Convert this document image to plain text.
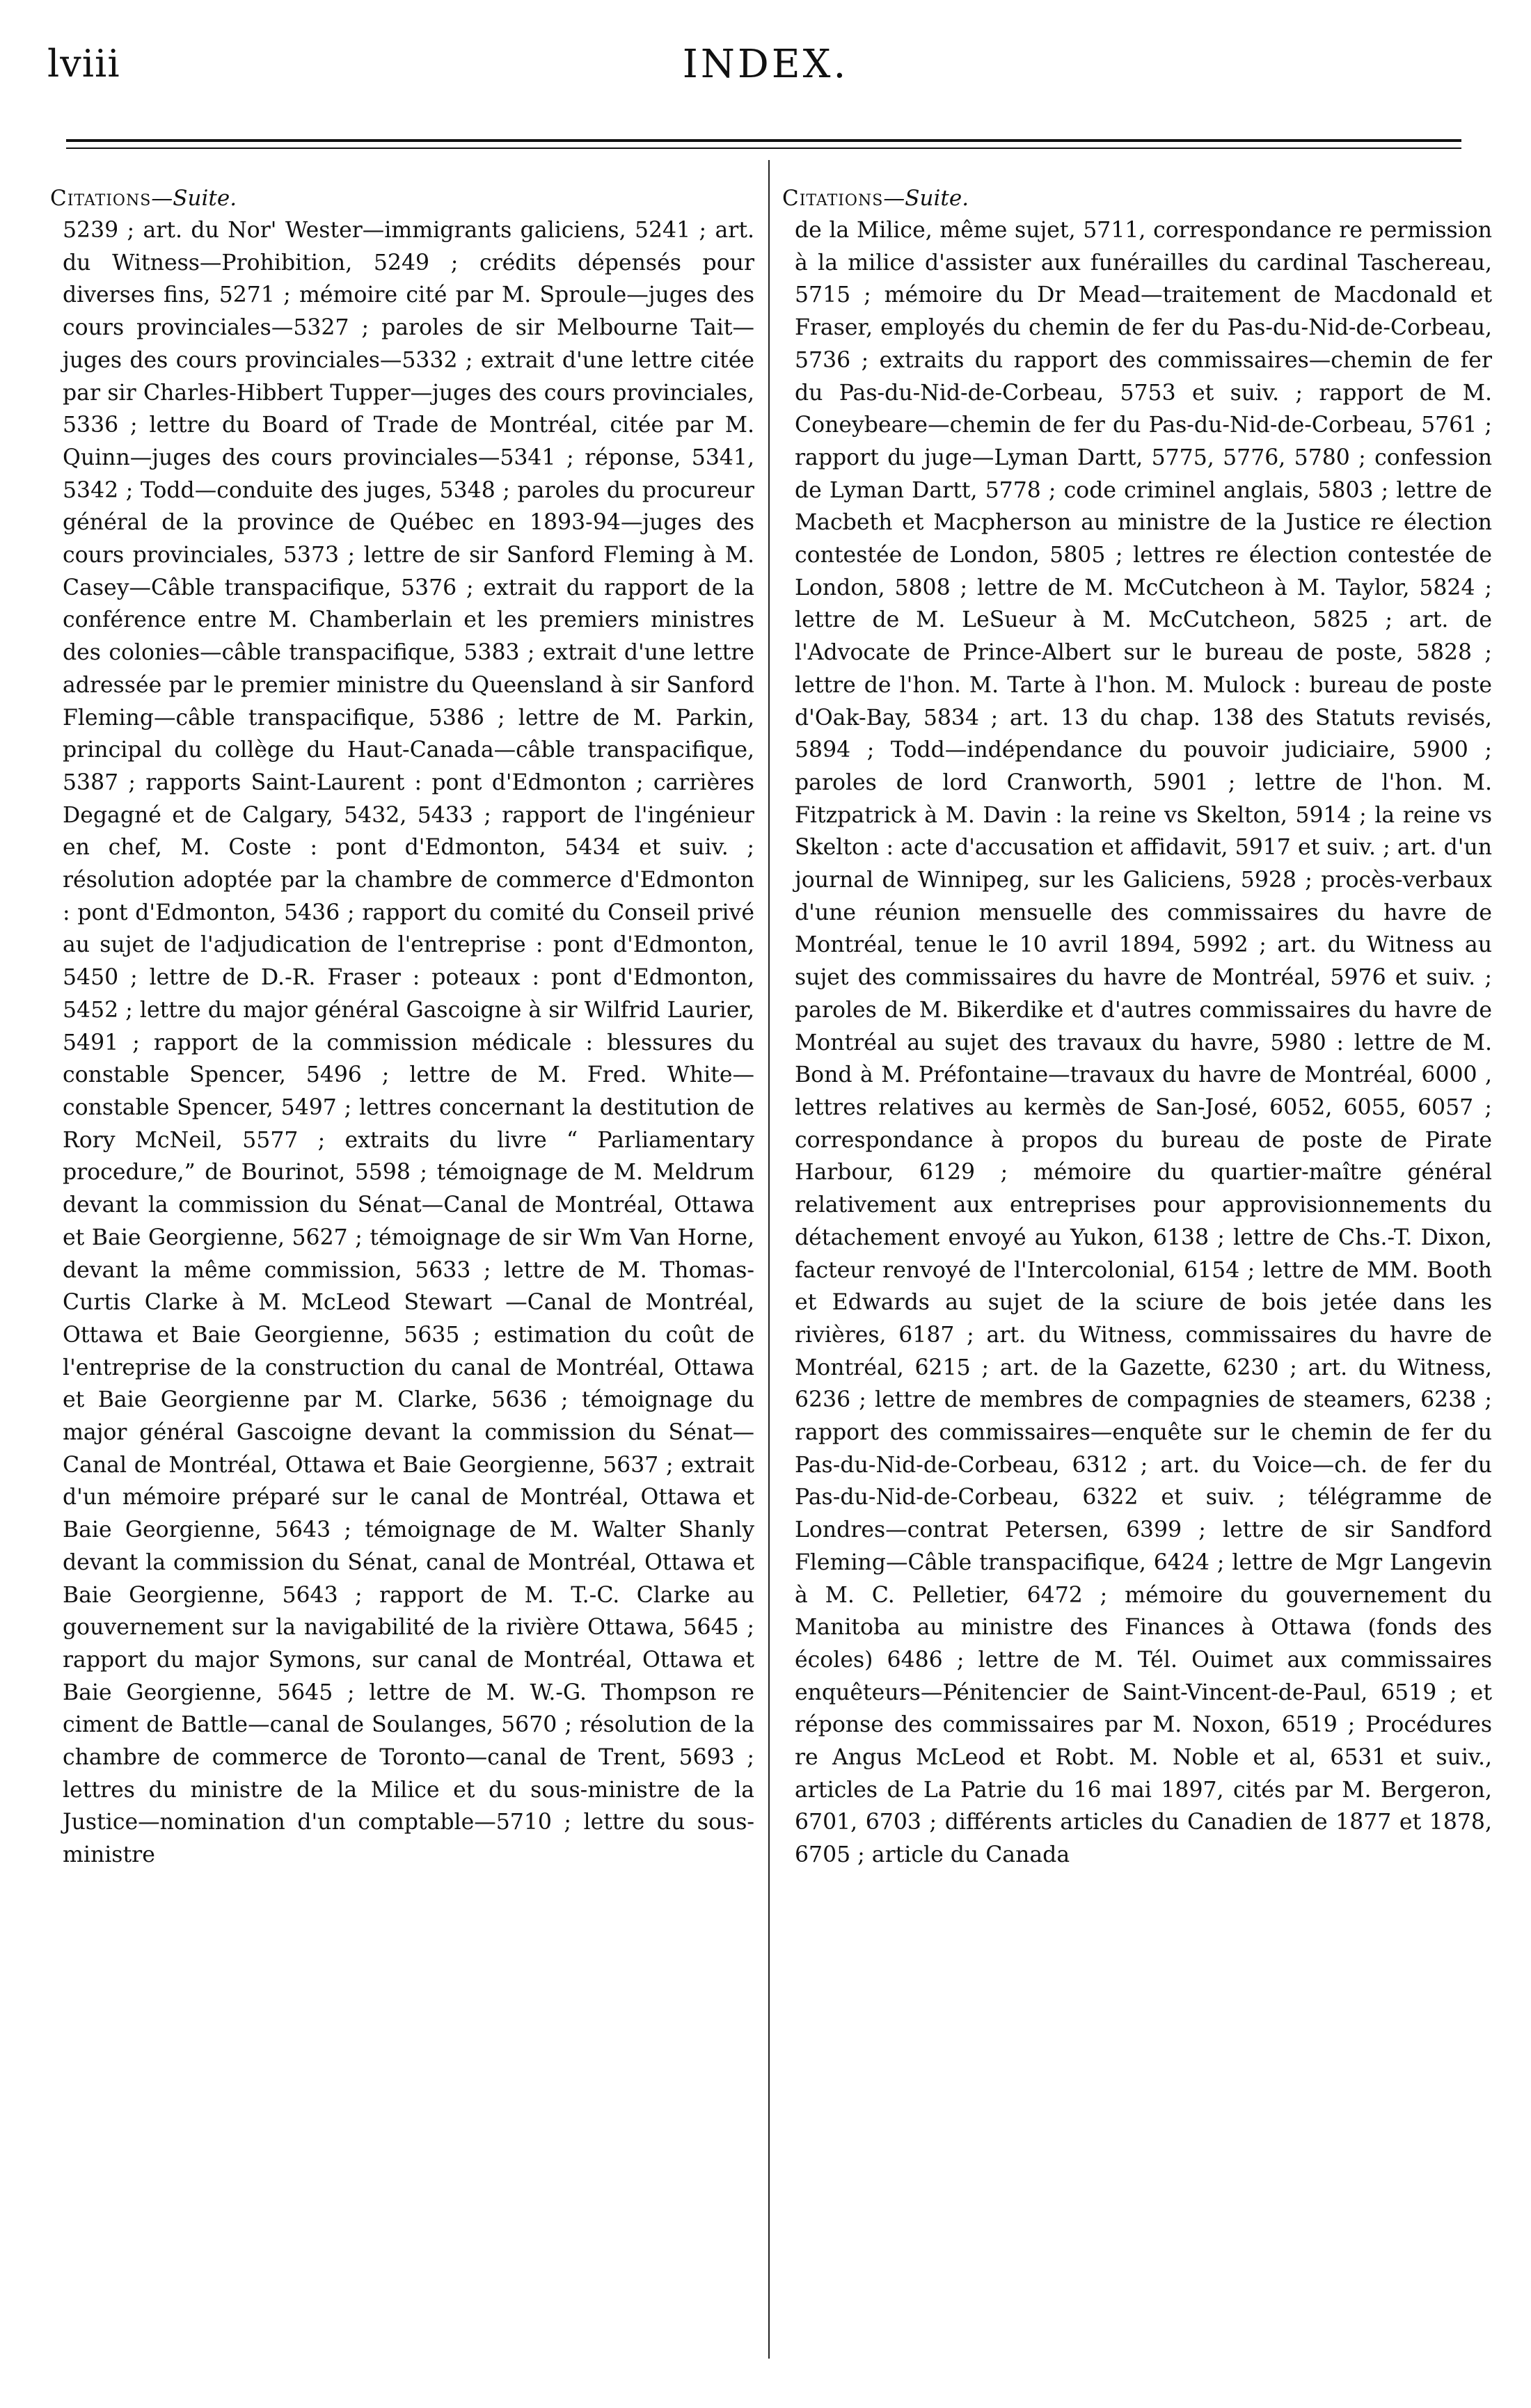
lviii	INDEX.
Citations—Suite.
5239 ; art. du Nor' Wester—immigrants galiciens, 5241 ; art. du Witness—Prohibition, 5249 ; crédits dépensés pour diverses fins, 5271 ; mémoire cité par M. Sproule—juges des cours provinciales—5327 ; paroles de sir Melbourne Tait—juges des cours provinciales—5332 ; extrait d'une lettre citée par sir Charles-Hibbert Tupper—juges des cours provinciales, 5336 ; lettre du Board of Trade de Montréal, citée par M. Quinn—juges des cours provinciales—5341 ; réponse, 5341, 5342 ; Todd—conduite des juges, 5348 ; paroles du procureur général de la province de Québec en 1893-94—juges des cours provinciales, 5373 ; lettre de sir Sanford Fleming à M. Casey—Câble transpacifique, 5376 ; extrait du rapport de la conférence entre M. Chamberlain et les premiers ministres des colonies—câble transpacifique, 5383 ; extrait d'une lettre adressée par le premier ministre du Queensland à sir Sanford Fleming—câble transpacifique, 5386 ; lettre de M. Parkin, principal du collège du Haut-Canada—câble transpacifique, 5387 ; rapports Saint-Laurent : pont d'Edmonton ; carrières Degagné et de Calgary, 5432, 5433 ; rapport de l'ingénieur en chef, M. Coste : pont d'Edmonton, 5434 et suiv. ; résolution adoptée par la chambre de commerce d'Edmonton : pont d'Edmonton, 5436 ; rapport du comité du Conseil privé au sujet de l'adjudication de l'entreprise : pont d'Edmonton, 5450 ; lettre de D.-R. Fraser : poteaux : pont d'Edmonton, 5452 ; lettre du major général Gascoigne à sir Wilfrid Laurier, 5491 ; rapport de la commission médicale : blessures du constable Spencer, 5496 ; lettre de M. Fred. White—constable Spencer, 5497 ; lettres concernant la destitution de Rory McNeil, 5577 ; extraits du livre “ Parliamentary procedure,” de Bourinot, 5598 ; témoignage de M. Meldrum devant la commission du Sénat—Canal de Montréal, Ottawa et Baie Georgienne, 5627 ; témoignage de sir Wm Van Horne, devant la même commission, 5633 ; lettre de M. Thomas-Curtis Clarke à M. McLeod Stewart —Canal de Montréal, Ottawa et Baie Georgienne, 5635 ; estimation du coût de l'entreprise de la construction du canal de Montréal, Ottawa et Baie Georgienne par M. Clarke, 5636 ; témoignage du major général Gascoigne devant la commission du Sénat—Canal de Montréal, Ottawa et Baie Georgienne, 5637 ; extrait d'un mémoire préparé sur le canal de Montréal, Ottawa et Baie Georgienne, 5643 ; témoignage de M. Walter Shanly devant la commission du Sénat, canal de Montréal, Ottawa et Baie Georgienne, 5643 ; rapport de M. T.-C. Clarke au gouvernement sur la navigabilité de la rivière Ottawa, 5645 ; rapport du major Symons, sur canal de Montréal, Ottawa et Baie Georgienne, 5645 ; lettre de M. W.-G. Thompson re ciment de Battle—canal de Soulanges, 5670 ; résolution de la chambre de commerce de Toronto—canal de Trent, 5693 ; lettres du ministre de la Milice et du sous-ministre de la Justice—nomination d'un comptable—5710 ; lettre du sous-ministre
Citations—Suite.
de la Milice, même sujet, 5711, correspondance re permission à la milice d'assister aux funérailles du cardinal Taschereau, 5715 ; mémoire du Dr Mead—traitement de Macdonald et Fraser, employés du chemin de fer du Pas-du-Nid-de-Corbeau, 5736 ; extraits du rapport des commissaires—chemin de fer du Pas-du-Nid-de-Corbeau, 5753 et suiv. ; rapport de M. Coneybeare—chemin de fer du Pas-du-Nid-de-Corbeau, 5761 ; rapport du juge—Lyman Dartt, 5775, 5776, 5780 ; confession de Lyman Dartt, 5778 ; code criminel anglais, 5803 ; lettre de Macbeth et Macpherson au ministre de la Justice re élection contestée de London, 5805 ; lettres re élection contestée de London, 5808 ; lettre de M. McCutcheon à M. Taylor, 5824 ; lettre de M. LeSueur à M. McCutcheon, 5825 ; art. de l'Advocate de Prince-Albert sur le bureau de poste, 5828 ; lettre de l'hon. M. Tarte à l'hon. M. Mulock : bureau de poste d'Oak-Bay, 5834 ; art. 13 du chap. 138 des Statuts revisés, 5894 ; Todd—indépendance du pouvoir judiciaire, 5900 ; paroles de lord Cranworth, 5901 ; lettre de l'hon. M. Fitzpatrick à M. Davin : la reine vs Skelton, 5914 ; la reine vs Skelton : acte d'accusation et affidavit, 5917 et suiv. ; art. d'un journal de Winnipeg, sur les Galiciens, 5928 ; procès-verbaux d'une réunion mensuelle des commissaires du havre de Montréal, tenue le 10 avril 1894, 5992 ; art. du Witness au sujet des commissaires du havre de Montréal, 5976 et suiv. ; paroles de M. Bikerdike et d'autres commissaires du havre de Montréal au sujet des travaux du havre, 5980 : lettre de M. Bond à M. Préfontaine—travaux du havre de Montréal, 6000 , lettres relatives au kermès de San-José, 6052, 6055, 6057 ; correspondance à propos du bureau de poste de Pirate Harbour, 6129 ; mémoire du quartier-maître général relativement aux entreprises pour approvisionnements du détachement envoyé au Yukon, 6138 ; lettre de Chs.-T. Dixon, facteur renvoyé de l'Intercolonial, 6154 ; lettre de MM. Booth et Edwards au sujet de la sciure de bois jetée dans les rivières, 6187 ; art. du Witness, commissaires du havre de Montréal, 6215 ; art. de la Gazette, 6230 ; art. du Witness, 6236 ; lettre de membres de compagnies de steamers, 6238 ; rapport des commissaires—enquête sur le chemin de fer du Pas-du-Nid-de-Corbeau, 6312 ; art. du Voice—ch. de fer du Pas-du-Nid-de-Corbeau, 6322 et suiv. ; télégramme de Londres—contrat Petersen, 6399 ; lettre de sir Sandford Fleming—Câble transpacifique, 6424 ; lettre de Mgr Langevin à M. C. Pelletier, 6472 ; mémoire du gouvernement du Manitoba au ministre des Finances à Ottawa (fonds des écoles) 6486 ; lettre de M. Tél. Ouimet aux commissaires enquêteurs—Pénitencier de Saint-Vincent-de-Paul, 6519 ; et réponse des commissaires par M. Noxon, 6519 ; Procédures re Angus McLeod et Robt. M. Noble et al, 6531 et suiv., articles de La Patrie du 16 mai 1897, cités par M. Bergeron, 6701, 6703 ; différents articles du Canadien de 1877 et 1878, 6705 ; article du Canada
